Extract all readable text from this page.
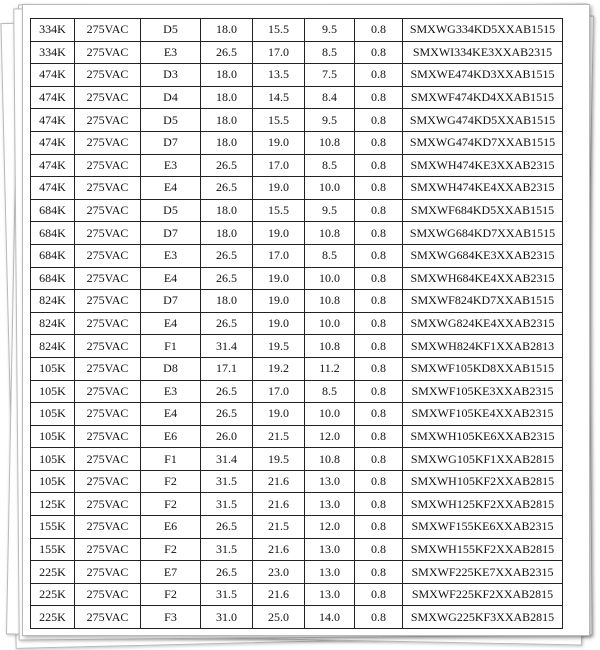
334K	275VAC	D5	18.0	15.5	9.5	0.8	SMXWG334KD5XXAB1515
334K	275VAC	E3	26.5	17.0	8.5	0.8	SMXWI334KE3XXAB2315
474K	275VAC	D3	18.0	13.5	7.5	0.8	SMXWE474KD3XXAB1515
474K	275VAC	D4	18.0	14.5	8.4	0.8	SMXWF474KD4XXAB1515
474K	275VAC	D5	18.0	15.5	9.5	0.8	SMXWG474KD5XXAB1515
474K	275VAC	D7	18.0	19.0	10.8	0.8	SMXWG474KD7XXAB1515
474K	275VAC	E3	26.5	17.0	8.5	0.8	SMXWH474KE3XXAB2315
474K	275VAC	E4	26.5	19.0	10.0	0.8	SMXWH474KE4XXAB2315
684K	275VAC	D5	18.0	15.5	9.5	0.8	SMXWF684KD5XXAB1515
684K	275VAC	D7	18.0	19.0	10.8	0.8	SMXWG684KD7XXAB1515
684K	275VAC	E3	26.5	17.0	8.5	0.8	SMXWG684KE3XXAB2315
684K	275VAC	E4	26.5	19.0	10.0	0.8	SMXWH684KE4XXAB2315
824K	275VAC	D7	18.0	19.0	10.8	0.8	SMXWF824KD7XXAB1515
824K	275VAC	E4	26.5	19.0	10.0	0.8	SMXWG824KE4XXAB2315
824K	275VAC	F1	31.4	19.5	10.8	0.8	SMXWH824KF1XXAB2813
105K	275VAC	D8	17.1	19.2	11.2	0.8	SMXWF105KD8XXAB1515
105K	275VAC	E3	26.5	17.0	8.5	0.8	SMXWF105KE3XXAB2315
105K	275VAC	E4	26.5	19.0	10.0	0.8	SMXWF105KE4XXAB2315
105K	275VAC	E6	26.0	21.5	12.0	0.8	SMXWH105KE6XXAB2315
105K	275VAC	F1	31.4	19.5	10.8	0.8	SMXWG105KF1XXAB2815
105K	275VAC	F2	31.5	21.6	13.0	0.8	SMXWH105KF2XXAB2815
125K	275VAC	F2	31.5	21.6	13.0	0.8	SMXWH125KF2XXAB2815
155K	275VAC	E6	26.5	21.5	12.0	0.8	SMXWF155KE6XXAB2315
155K	275VAC	F2	31.5	21.6	13.0	0.8	SMXWH155KF2XXAB2815
225K	275VAC	E7	26.5	23.0	13.0	0.8	SMXWF225KE7XXAB2315
225K	275VAC	F2	31.5	21.6	13.0	0.8	SMXWF225KF2XXAB2815
225K	275VAC	F3	31.0	25.0	14.0	0.8	SMXWG225KF3XXAB2815
